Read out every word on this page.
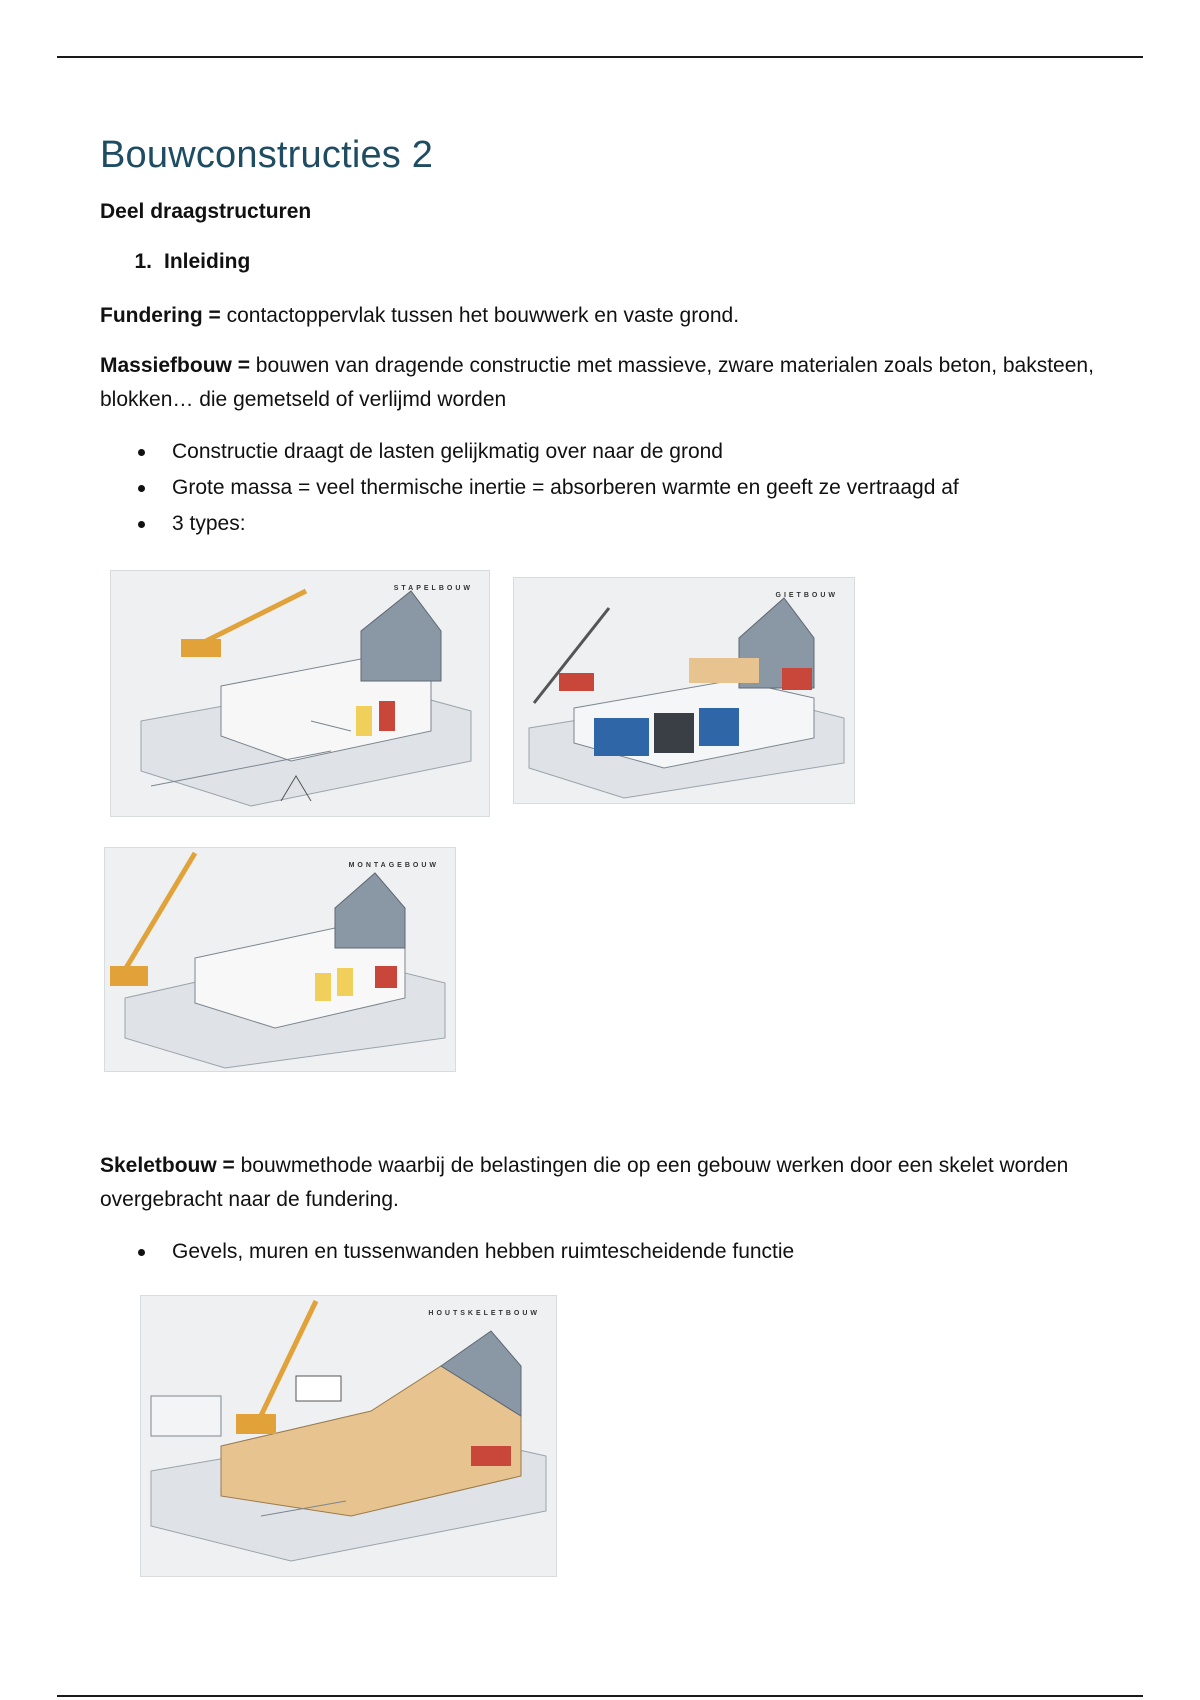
Bouwconstructies 2
Deel draagstructuren
1. Inleiding

Fundering = contactoppervlak tussen het bouwwerk en vaste grond.

Massiefbouw = bouwen van dragende constructie met massieve, zware materialen zoals beton, baksteen, blokken… die gemetseld of verlijmd worden

Constructie draagt de lasten gelijkmatig over naar de grond
Grote massa = veel thermische inertie = absorberen warmte en geeft ze vertraagd af
3 types:
STAPELBOUW
GIETBOUW
MONTAGEBOUW

Skeletbouw = bouwmethode waarbij de belastingen die op een gebouw werken door een skelet worden overgebracht naar de fundering.

Gevels, muren en tussenwanden hebben ruimtescheidende functie
HOUTSKELETBOUW
